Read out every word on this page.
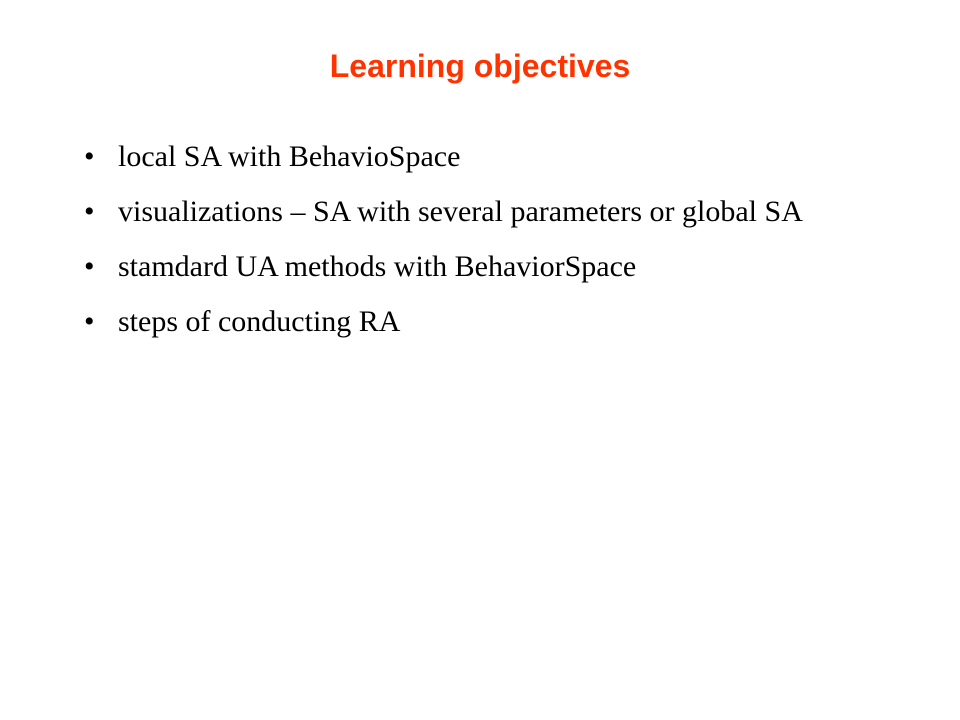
Learning objectives
• local SA with BehavioSpace
• visualizations – SA with several parameters or global SA
• stamdard UA methods with BehaviorSpace
• steps of conducting RA
